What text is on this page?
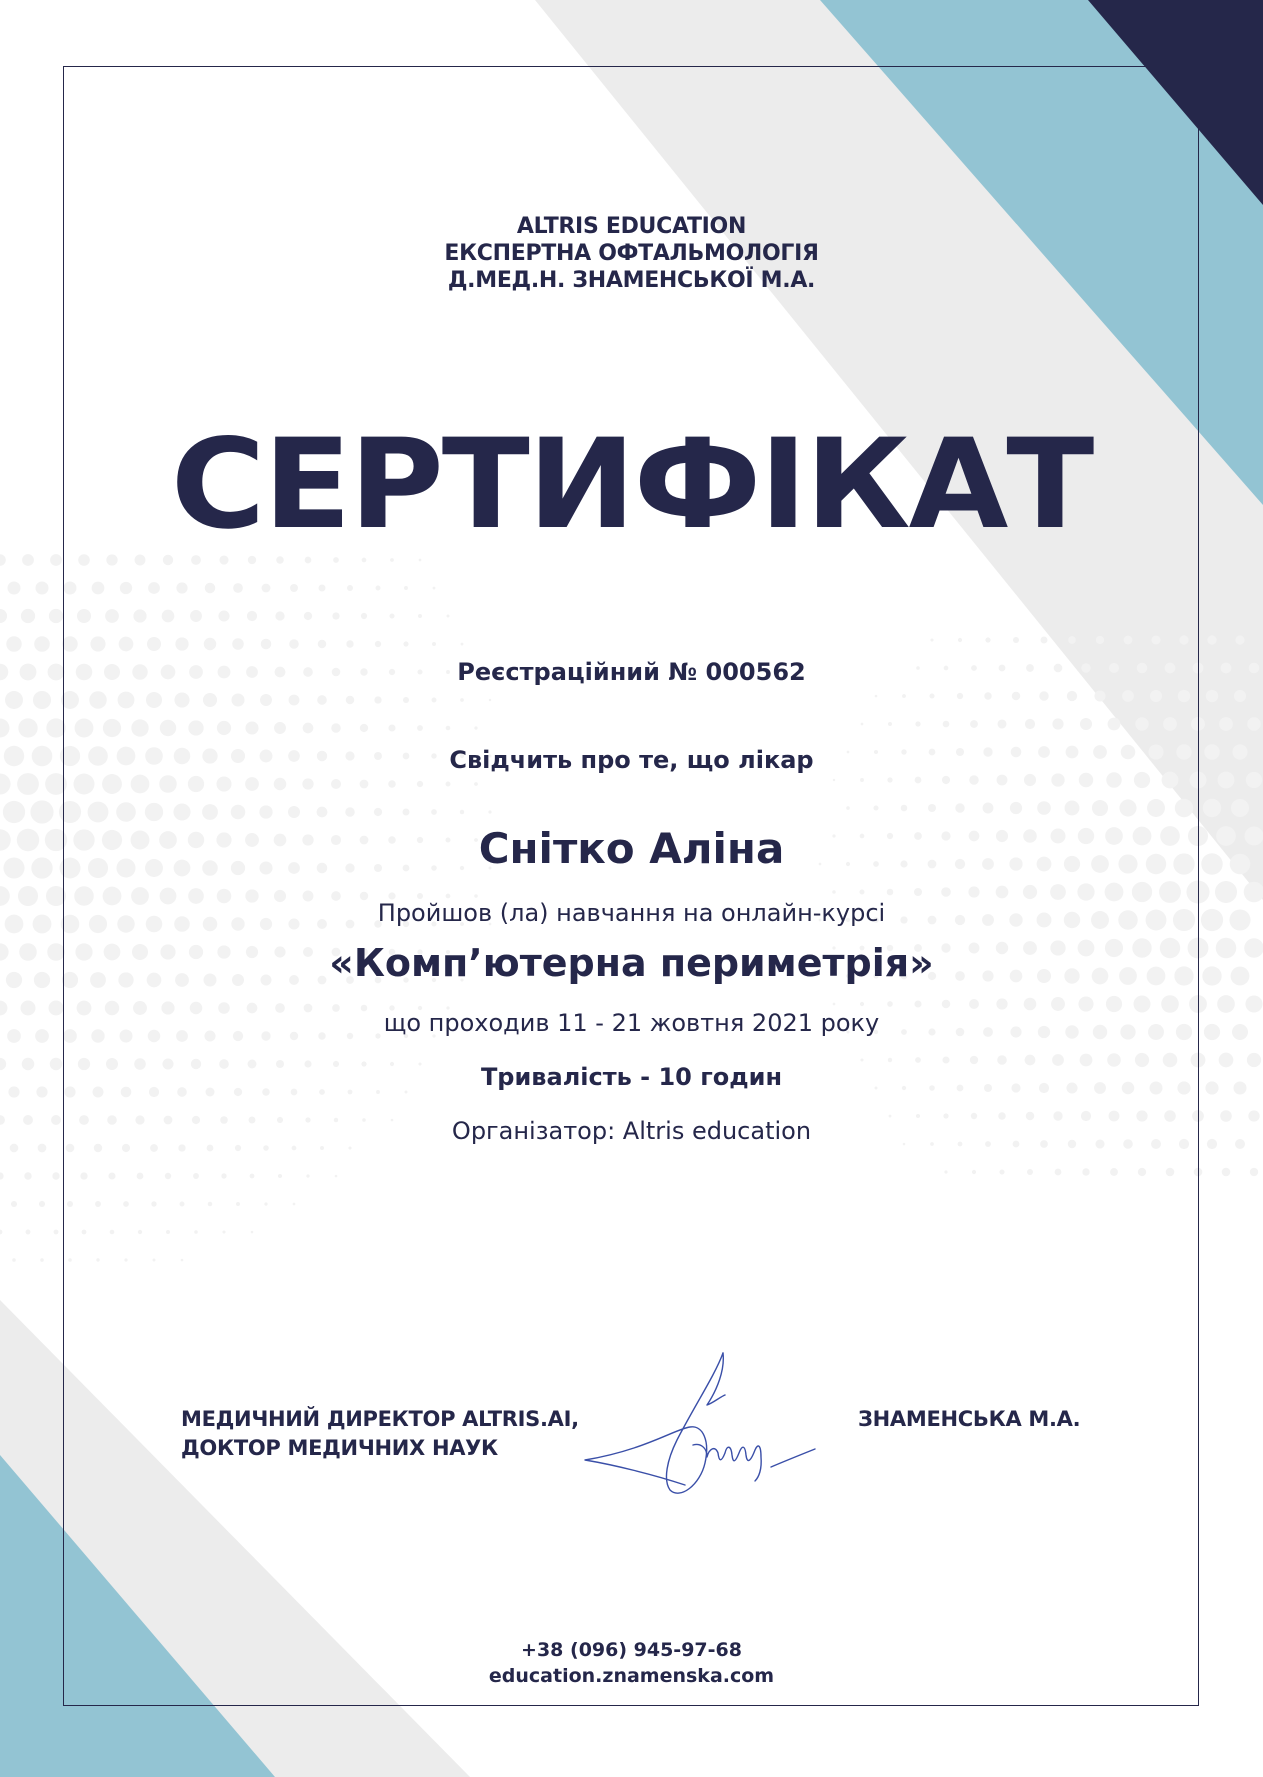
ALTRIS EDUCATION
ЕКСПЕРТНА ОФТАЛЬМОЛОГІЯ
Д.МЕД.Н. ЗНАМЕНСЬКОЇ М.А.
СЕРТИФІКАТ
Реєстраційний № 000562
Свідчить про те, що лікар
Снітко Аліна
Пройшов (ла) навчання на онлайн-курсі
«Комп’ютерна периметрія»
що проходив 11 - 21 жовтня 2021 року
Тривалість - 10 годин
Організатор: Altris education
МЕДИЧНИЙ ДИРЕКТОР ALTRIS.AI,
ДОКТОР МЕДИЧНИХ НАУК
ЗНАМЕНСЬКА М.А.
+38 (096) 945-97-68
education.znamenska.com
